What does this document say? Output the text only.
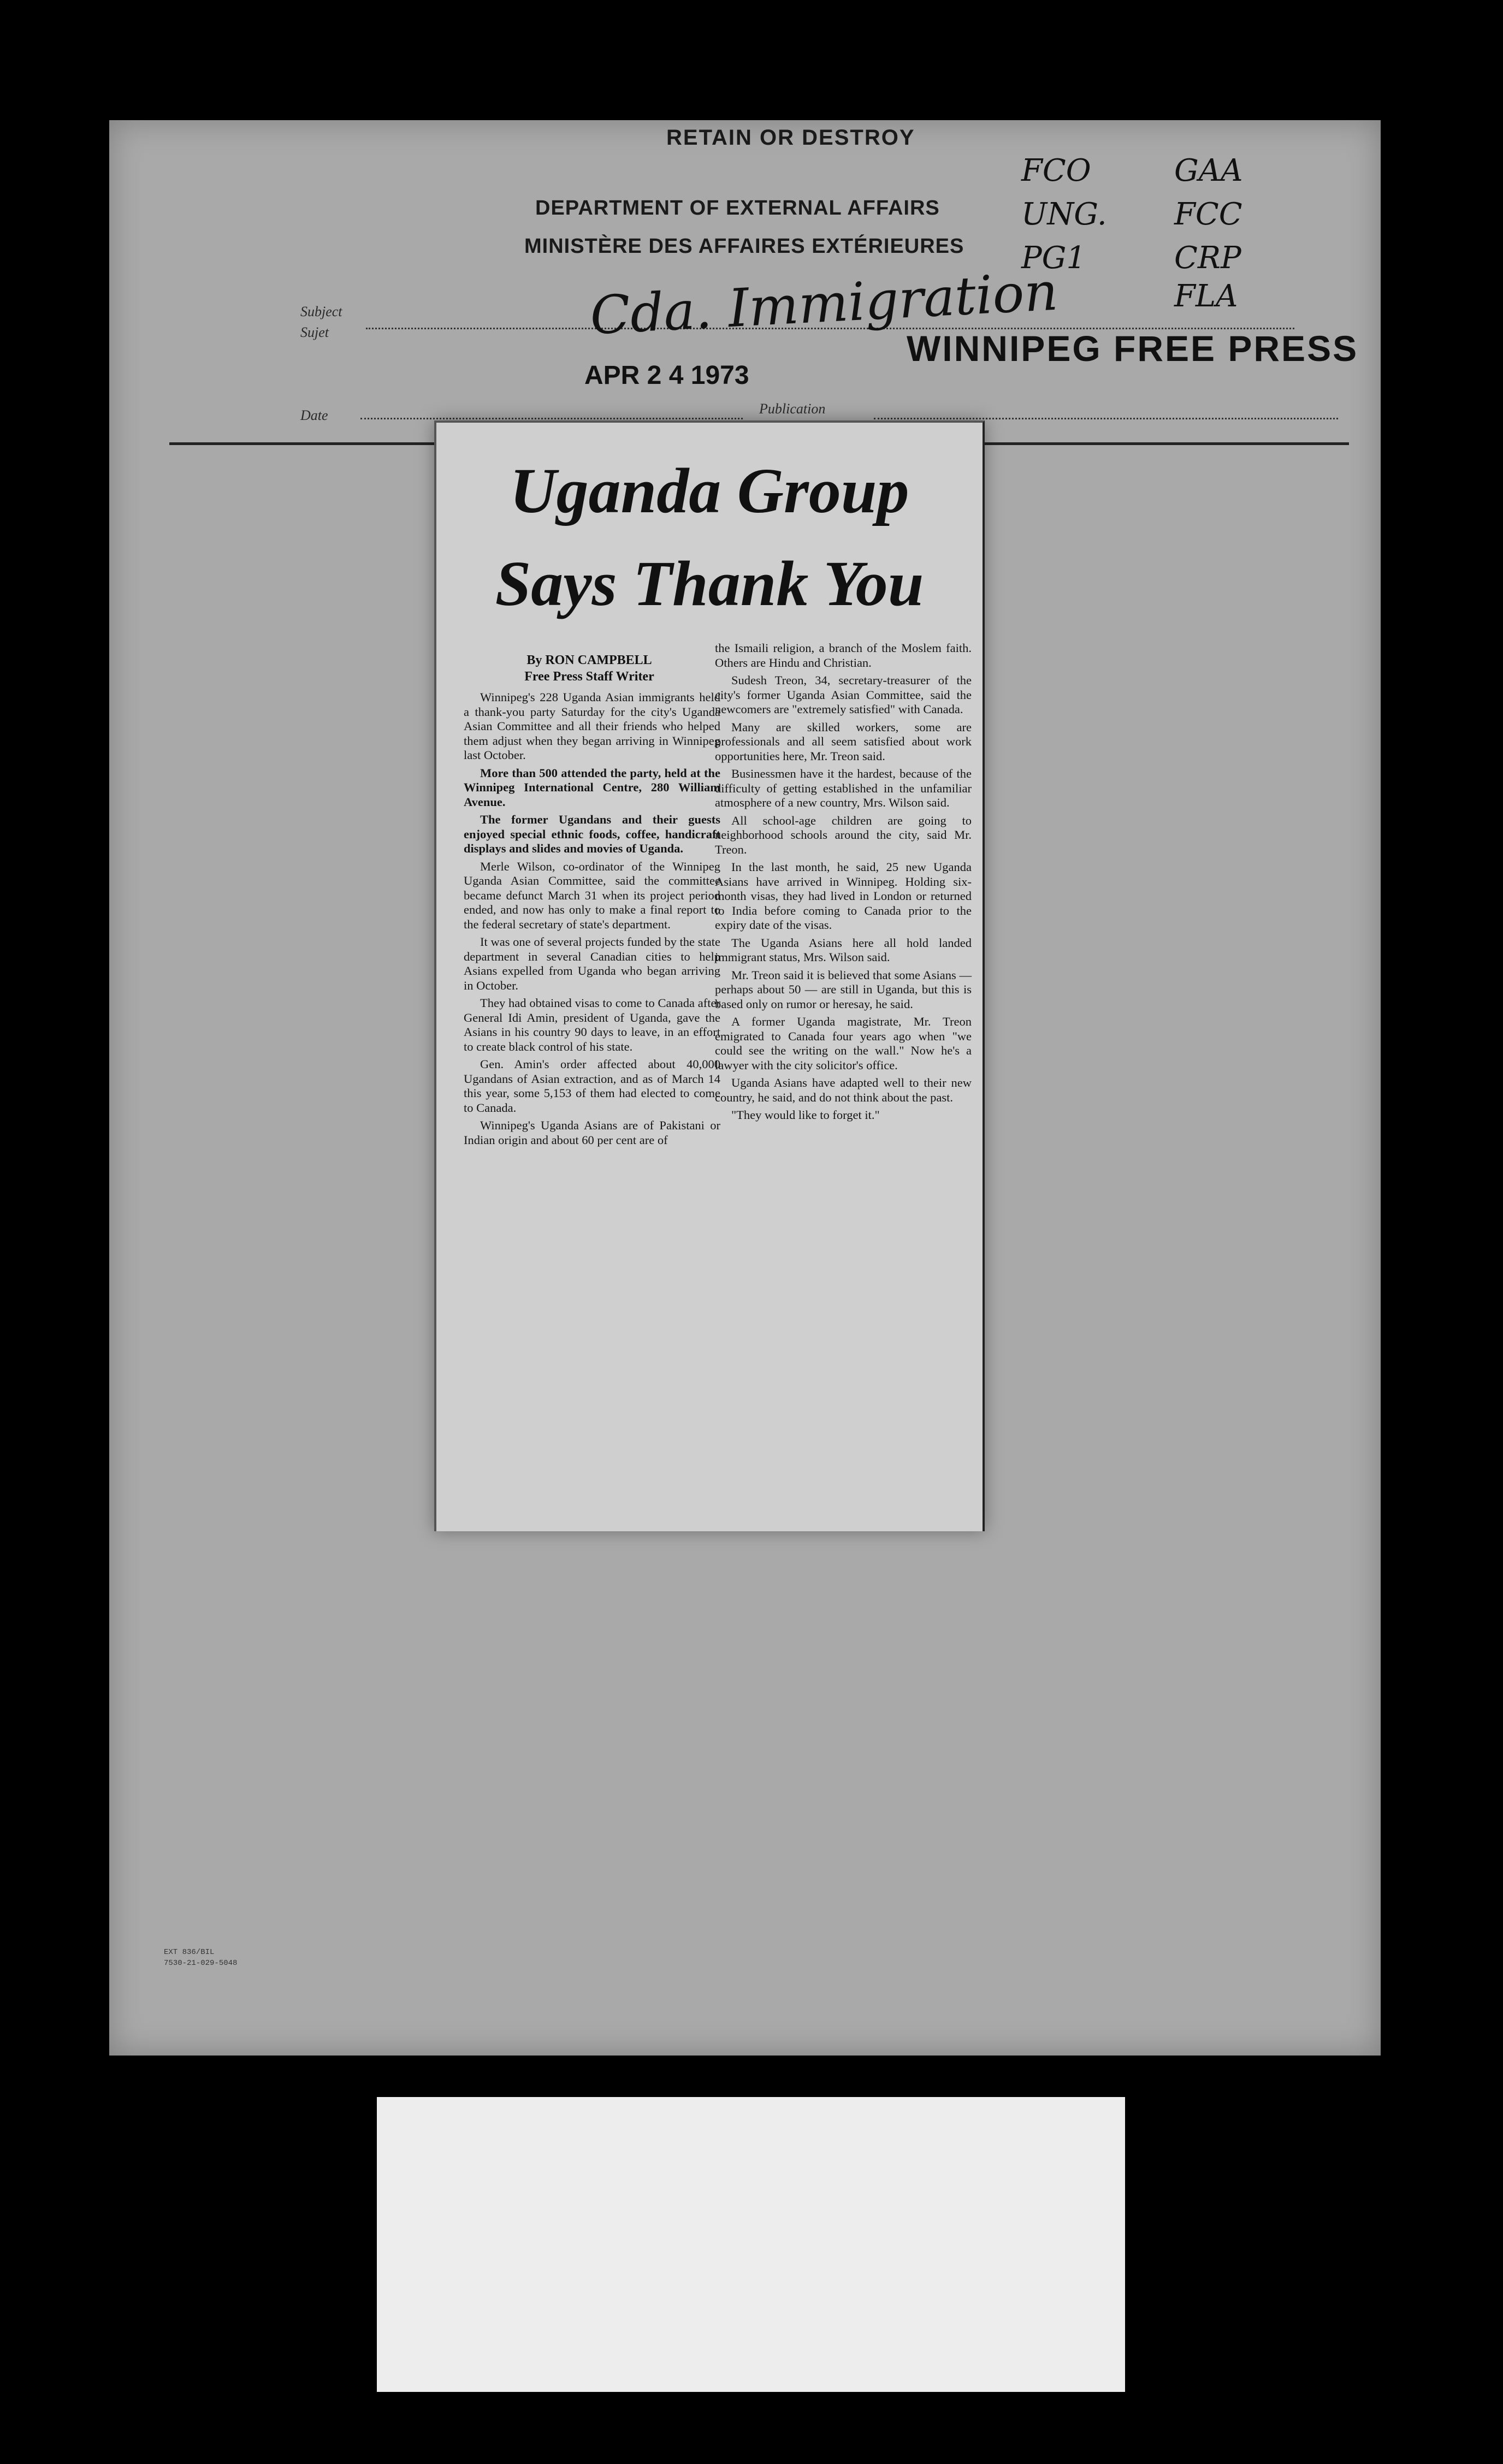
RETAIN OR DESTROY
DEPARTMENT OF EXTERNAL AFFAIRS
MINISTÈRE DES AFFAIRES EXTÉRIEURES
FCO
UNG.
PG1
GAA
FCC
CRP
FLA
Subject
Sujet	Cda. Immigration
WINNIPEG FREE PRESS
APR 2 4 1973
Date	Publication
EXT 836/BIL
7530-21-029-5048
Uganda Group
Says Thank You
By RON CAMPBELL
Free Press Staff Writer

Winnipeg's 228 Uganda Asian immigrants held a thank-you party Saturday for the city's Uganda Asian Committee and all their friends who helped them adjust when they began arriving in Winnipeg last October.

More than 500 attended the party, held at the Winnipeg International Centre, 280 William Avenue.

The former Ugandans and their guests enjoyed special ethnic foods, coffee, handicraft displays and slides and movies of Uganda.

Merle Wilson, co-ordinator of the Winnipeg Uganda Asian Committee, said the committee became defunct March 31 when its project period ended, and now has only to make a final report to the federal secretary of state's department.

It was one of several projects funded by the state department in several Canadian cities to help Asians expelled from Uganda who began arriving in October.

They had obtained visas to come to Canada after General Idi Amin, president of Uganda, gave the Asians in his country 90 days to leave, in an effort to create black control of his state.

Gen. Amin's order affected about 40,000 Ugandans of Asian extraction, and as of March 14 this year, some 5,153 of them had elected to come to Canada.

Winnipeg's Uganda Asians are of Pakistani or Indian origin and about 60 per cent are of

the Ismaili religion, a branch of the Moslem faith. Others are Hindu and Christian.

Sudesh Treon, 34, secretary-treasurer of the city's former Uganda Asian Committee, said the newcomers are "extremely satisfied" with Canada.

Many are skilled workers, some are professionals and all seem satisfied about work opportunities here, Mr. Treon said.

Businessmen have it the hardest, because of the difficulty of getting established in the unfamiliar atmosphere of a new country, Mrs. Wilson said.

All school-age children are going to neighborhood schools around the city, said Mr. Treon.

In the last month, he said, 25 new Uganda Asians have arrived in Winnipeg. Holding six-month visas, they had lived in London or returned to India before coming to Canada prior to the expiry date of the visas.

The Uganda Asians here all hold landed immigrant status, Mrs. Wilson said.

Mr. Treon said it is believed that some Asians — perhaps about 50 — are still in Uganda, but this is based only on rumor or heresay, he said.

A former Uganda magistrate, Mr. Treon emigrated to Canada four years ago when "we could see the writing on the wall." Now he's a lawyer with the city solicitor's office.

Uganda Asians have adapted well to their new country, he said, and do not think about the past.

"They would like to forget it."
